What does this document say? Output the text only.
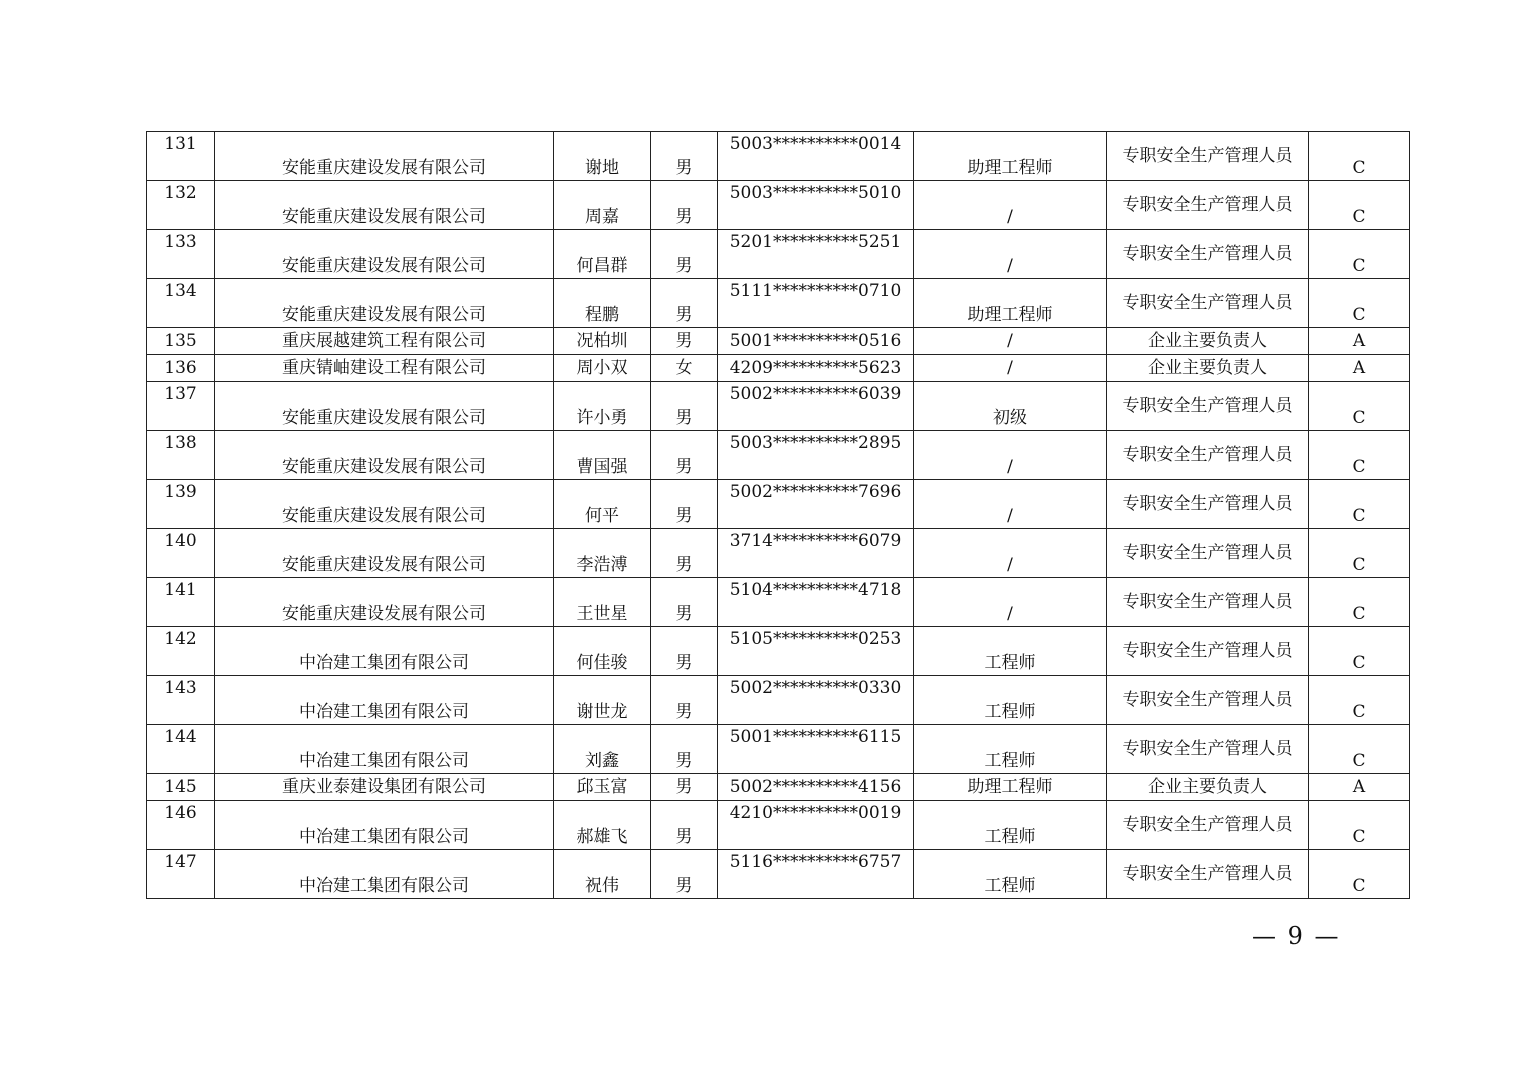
131	安能重庆建设发展有限公司	谢地	男	5003**********0014	助理工程师	专职安全生产管理人员	C
132	安能重庆建设发展有限公司	周嘉	男	5003**********5010	/	专职安全生产管理人员	C
133	安能重庆建设发展有限公司	何昌群	男	5201**********5251	/	专职安全生产管理人员	C
134	安能重庆建设发展有限公司	程鹏	男	5111**********0710	助理工程师	专职安全生产管理人员	C
135	重庆展越建筑工程有限公司	况柏圳	男	5001**********0516	/	企业主要负责人	A
136	重庆锖岫建设工程有限公司	周小双	女	4209**********5623	/	企业主要负责人	A
137	安能重庆建设发展有限公司	许小勇	男	5002**********6039	初级	专职安全生产管理人员	C
138	安能重庆建设发展有限公司	曹国强	男	5003**********2895	/	专职安全生产管理人员	C
139	安能重庆建设发展有限公司	何平	男	5002**********7696	/	专职安全生产管理人员	C
140	安能重庆建设发展有限公司	李浩溥	男	3714**********6079	/	专职安全生产管理人员	C
141	安能重庆建设发展有限公司	王世星	男	5104**********4718	/	专职安全生产管理人员	C
142	中冶建工集团有限公司	何佳骏	男	5105**********0253	工程师	专职安全生产管理人员	C
143	中冶建工集团有限公司	谢世龙	男	5002**********0330	工程师	专职安全生产管理人员	C
144	中冶建工集团有限公司	刘鑫	男	5001**********6115	工程师	专职安全生产管理人员	C
145	重庆业泰建设集团有限公司	邱玉富	男	5002**********4156	助理工程师	企业主要负责人	A
146	中冶建工集团有限公司	郝雄飞	男	4210**********0019	工程师	专职安全生产管理人员	C
147	中冶建工集团有限公司	祝伟	男	5116**********6757	工程师	专职安全生产管理人员	C
— 9 —
